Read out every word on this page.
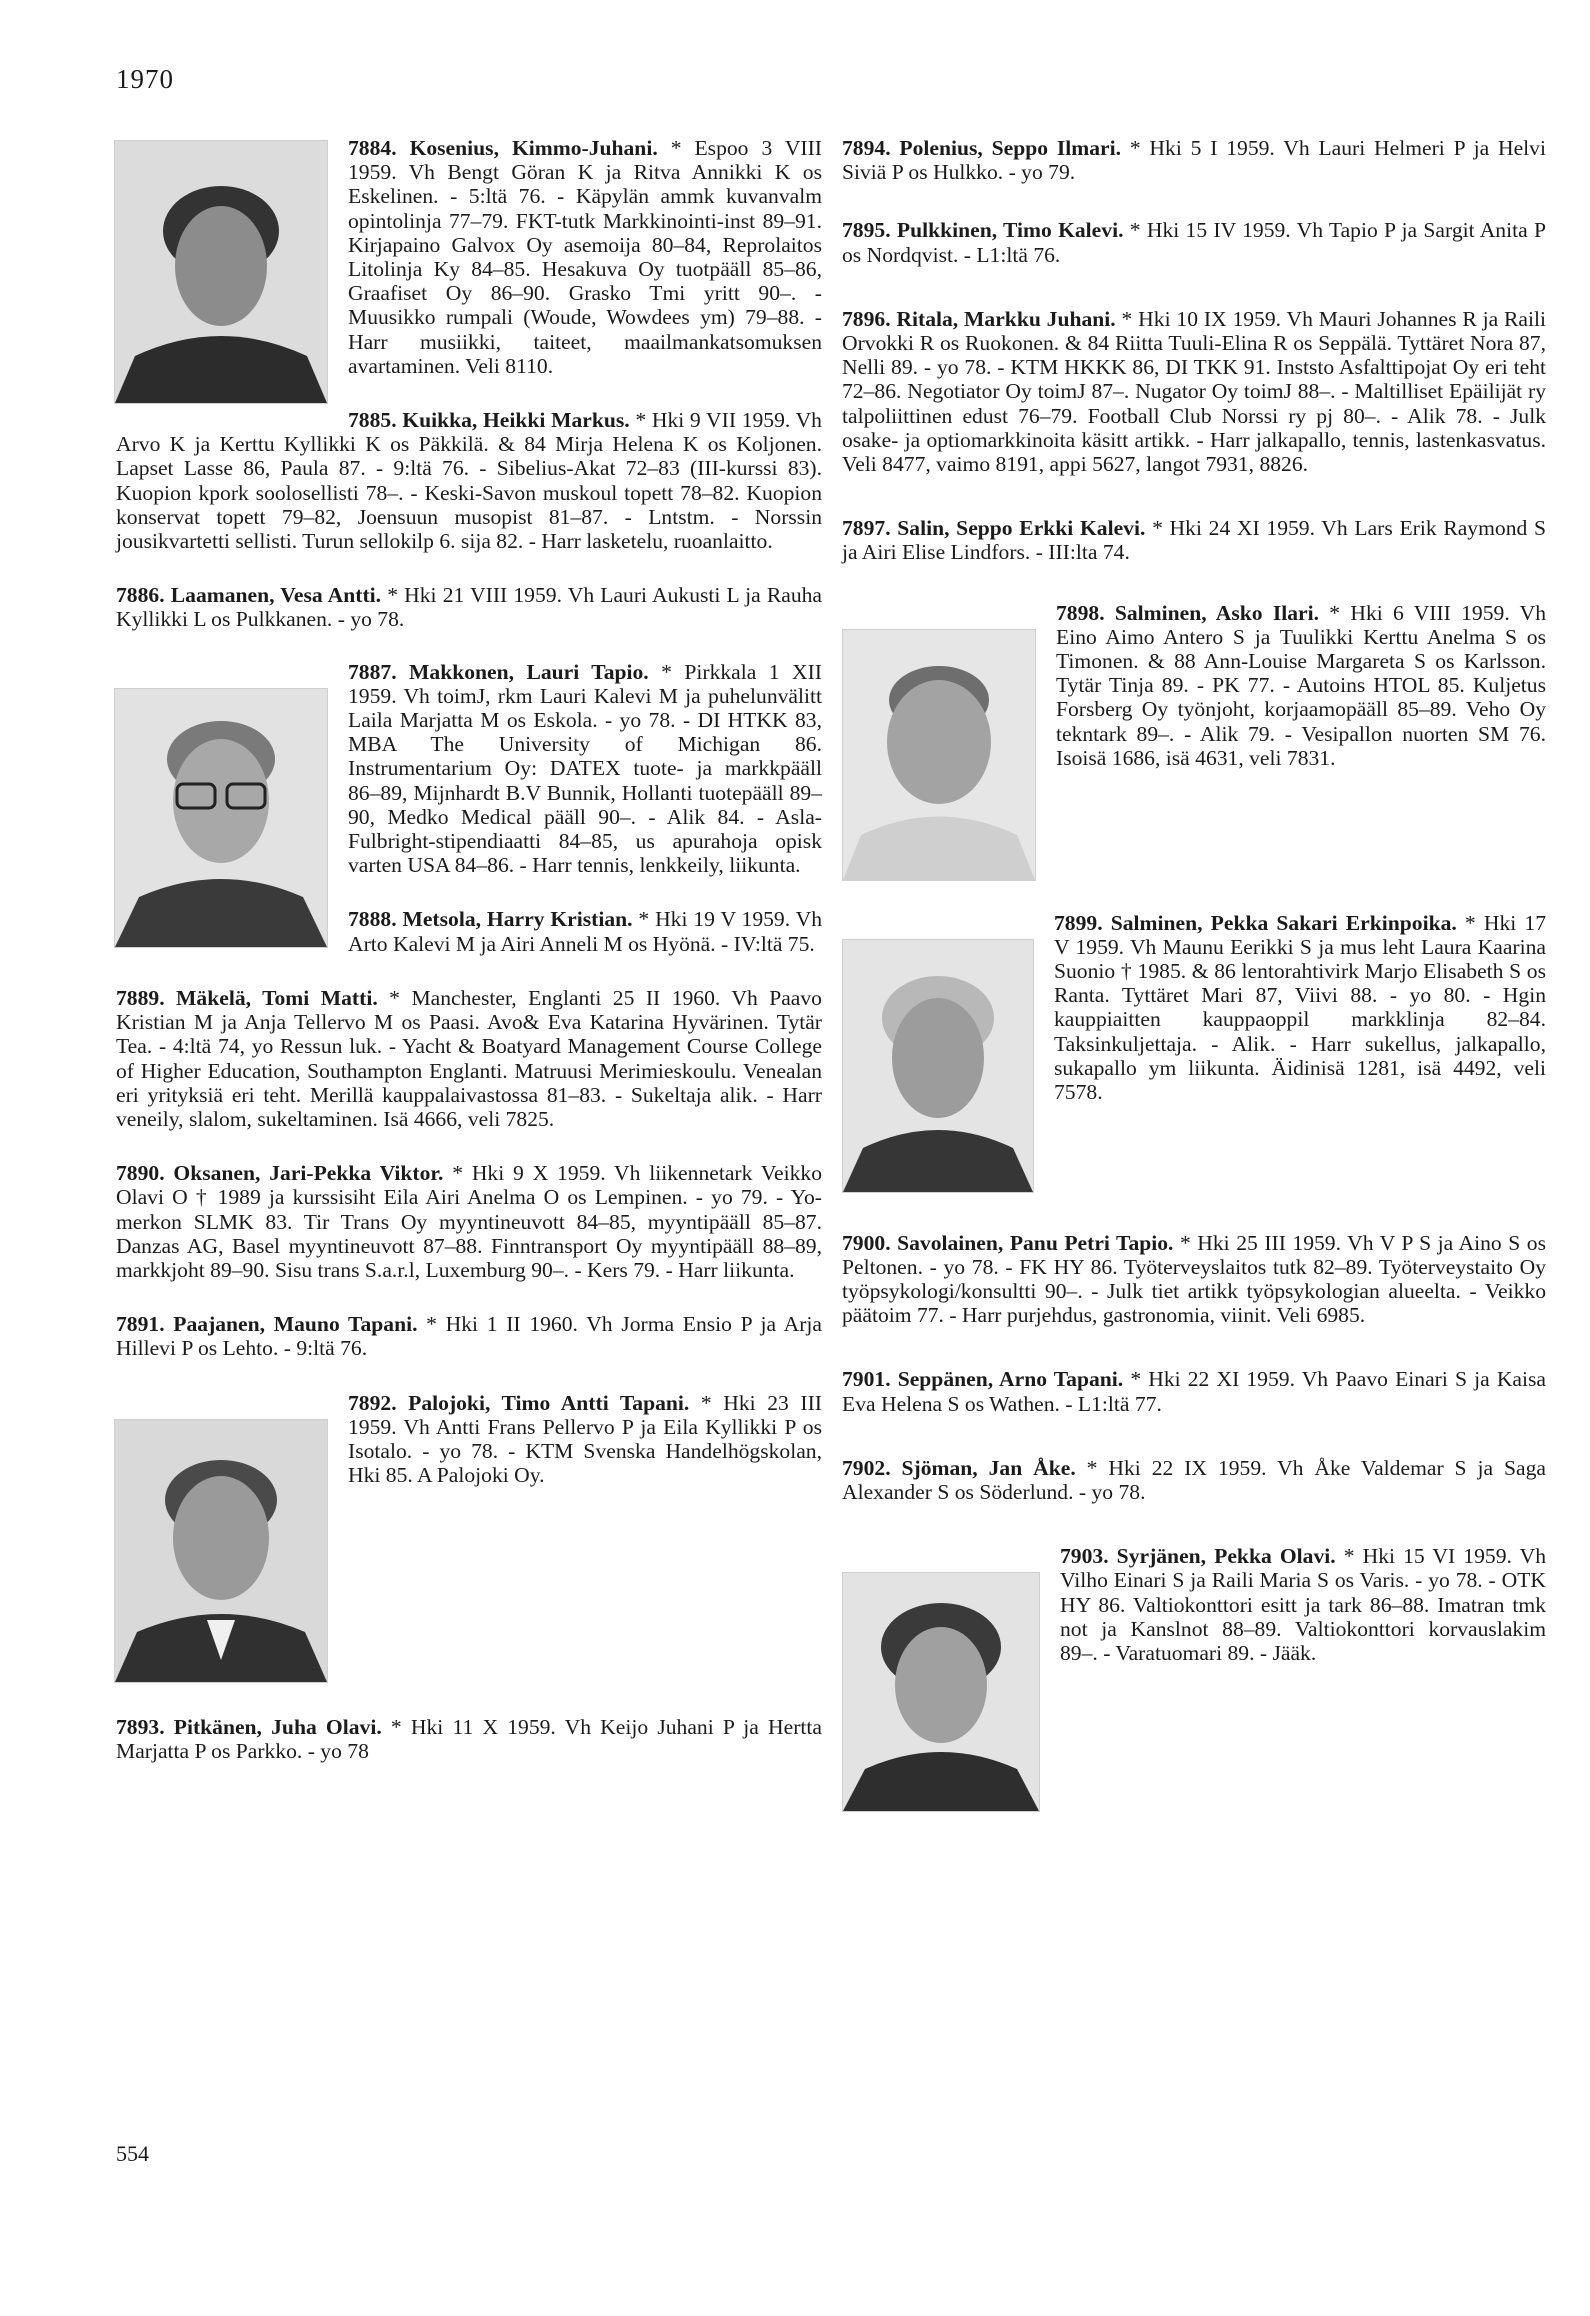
1970

7884. Kosenius, Kimmo-Juhani. * Espoo 3 VIII 1959. Vh Bengt Göran K ja Ritva Annikki K os Eskelinen. - 5:ltä 76. - Käpylän ammk kuvanvalm opintolinja 77–79. FKT-tutk Markkinointi-inst 89–91. Kirjapaino Galvox Oy asemoija 80–84, Reprolaitos Litolinja Ky 84–85. Hesakuva Oy tuotpääll 85–86, Graafiset Oy 86–90. Grasko Tmi yritt 90–. - Muusikko rumpali (Woude, Wowdees ym) 79–88. - Harr musiikki, taiteet, maailmankatsomuksen avartaminen. Veli 8110.

7885. Kuikka, Heikki Markus. * Hki 9 VII 1959. Vh Arvo K ja Kerttu Kyllikki K os Päkkilä. & 84 Mirja Helena K os Koljonen. Lapset Lasse 86, Paula 87. - 9:ltä 76. - Sibelius-Akat 72–83 (III-kurssi 83). Kuopion kpork soolosellisti 78–. - Keski-Savon muskoul topett 78–82. Kuopion konservat topett 79–82, Joensuun musopist 81–87. - Lntstm. - Norssin jousikvartetti sellisti. Turun sellokilp 6. sija 82. - Harr lasketelu, ruoanlaitto.

7886. Laamanen, Vesa Antti. * Hki 21 VIII 1959. Vh Lauri Aukusti L ja Rauha Kyllikki L os Pulkkanen. - yo 78.

7887. Makkonen, Lauri Tapio. * Pirkkala 1 XII 1959. Vh toimJ, rkm Lauri Kalevi M ja puhelunvälitt Laila Marjatta M os Eskola. - yo 78. - DI HTKK 83, MBA The University of Michigan 86. Instrumentarium Oy: DATEX tuote- ja markkpääll 86–89, Mijnhardt B.V Bunnik, Hollanti tuotepääll 89–90, Medko Medical pääll 90–. - Alik 84. - Asla-Fulbright-stipendiaatti 84–85, us apurahoja opisk varten USA 84–86. - Harr tennis, lenkkeily, liikunta.

7888. Metsola, Harry Kristian. * Hki 19 V 1959. Vh Arto Kalevi M ja Airi Anneli M os Hyönä. - IV:ltä 75.

7889. Mäkelä, Tomi Matti. * Manchester, Englanti 25 II 1960. Vh Paavo Kristian M ja Anja Tellervo M os Paasi. Avo& Eva Katarina Hyvärinen. Tytär Tea. - 4:ltä 74, yo Ressun luk. - Yacht & Boatyard Management Course College of Higher Education, Southampton Englanti. Matruusi Merimieskoulu. Venealan eri yrityksiä eri teht. Merillä kauppalaivastossa 81–83. - Sukeltaja alik. - Harr veneily, slalom, sukeltaminen. Isä 4666, veli 7825.

7890. Oksanen, Jari-Pekka Viktor. * Hki 9 X 1959. Vh liikennetark Veikko Olavi O † 1989 ja kurssisiht Eila Airi Anelma O os Lempinen. - yo 79. - Yo-merkon SLMK 83. Tir Trans Oy myyntineuvott 84–85, myyntipääll 85–87. Danzas AG, Basel myyntineuvott 87–88. Finntransport Oy myyntipääll 88–89, markkjoht 89–90. Sisu trans S.a.r.l, Luxemburg 90–. - Kers 79. - Harr liikunta.

7891. Paajanen, Mauno Tapani. * Hki 1 II 1960. Vh Jorma Ensio P ja Arja Hillevi P os Lehto. - 9:ltä 76.

7892. Palojoki, Timo Antti Tapani. * Hki 23 III 1959. Vh Antti Frans Pellervo P ja Eila Kyllikki P os Isotalo. - yo 78. - KTM Svenska Handelhögskolan, Hki 85. A Palojoki Oy.

7893. Pitkänen, Juha Olavi. * Hki 11 X 1959. Vh Keijo Juhani P ja Hertta Marjatta P os Parkko. - yo 78

7894. Polenius, Seppo Ilmari. * Hki 5 I 1959. Vh Lauri Helmeri P ja Helvi Siviä P os Hulkko. - yo 79.

7895. Pulkkinen, Timo Kalevi. * Hki 15 IV 1959. Vh Tapio P ja Sargit Anita P os Nordqvist. - L1:ltä 76.

7896. Ritala, Markku Juhani. * Hki 10 IX 1959. Vh Mauri Johannes R ja Raili Orvokki R os Ruokonen. & 84 Riitta Tuuli-Elina R os Seppälä. Tyttäret Nora 87, Nelli 89. - yo 78. - KTM HKKK 86, DI TKK 91. Inststo Asfalttipojat Oy eri teht 72–86. Negotiator Oy toimJ 87–. Nugator Oy toimJ 88–. - Maltilliset Epäilijät ry talpoliittinen edust 76–79. Football Club Norssi ry pj 80–. - Alik 78. - Julk osake- ja optiomarkkinoita käsitt artikk. - Harr jalkapallo, tennis, lastenkasvatus. Veli 8477, vaimo 8191, appi 5627, langot 7931, 8826.

7897. Salin, Seppo Erkki Kalevi. * Hki 24 XI 1959. Vh Lars Erik Raymond S ja Airi Elise Lindfors. - III:lta 74.

7898. Salminen, Asko Ilari. * Hki 6 VIII 1959. Vh Eino Aimo Antero S ja Tuulikki Kerttu Anelma S os Timonen. & 88 Ann-Louise Margareta S os Karlsson. Tytär Tinja 89. - PK 77. - Autoins HTOL 85. Kuljetus Forsberg Oy työnjoht, korjaamopääll 85–89. Veho Oy tekntark 89–. - Alik 79. - Vesipallon nuorten SM 76. Isoisä 1686, isä 4631, veli 7831.

7899. Salminen, Pekka Sakari Erkinpoika. * Hki 17 V 1959. Vh Maunu Eerikki S ja mus leht Laura Kaarina Suonio † 1985. & 86 lentorahtivirk Marjo Elisabeth S os Ranta. Tyttäret Mari 87, Viivi 88. - yo 80. - Hgin kauppiaitten kauppaoppil markklinja 82–84. Taksinkuljettaja. - Alik. - Harr sukellus, jalkapallo, sukapallo ym liikunta. Äidinisä 1281, isä 4492, veli 7578.

7900. Savolainen, Panu Petri Tapio. * Hki 25 III 1959. Vh V P S ja Aino S os Peltonen. - yo 78. - FK HY 86. Työterveyslaitos tutk 82–89. Työterveystaito Oy työpsykologi/konsultti 90–. - Julk tiet artikk työpsykologian alueelta. - Veikko päätoim 77. - Harr purjehdus, gastronomia, viinit. Veli 6985.

7901. Seppänen, Arno Tapani. * Hki 22 XI 1959. Vh Paavo Einari S ja Kaisa Eva Helena S os Wathen. - L1:ltä 77.

7902. Sjöman, Jan Åke. * Hki 22 IX 1959. Vh Åke Valdemar S ja Saga Alexander S os Söderlund. - yo 78.

7903. Syrjänen, Pekka Olavi. * Hki 15 VI 1959. Vh Vilho Einari S ja Raili Maria S os Varis. - yo 78. - OTK HY 86. Valtiokonttori esitt ja tark 86–88. Imatran tmk not ja Kanslnot 88–89. Valtiokonttori korvauslakim 89–. - Varatuomari 89. - Jääk.

554
